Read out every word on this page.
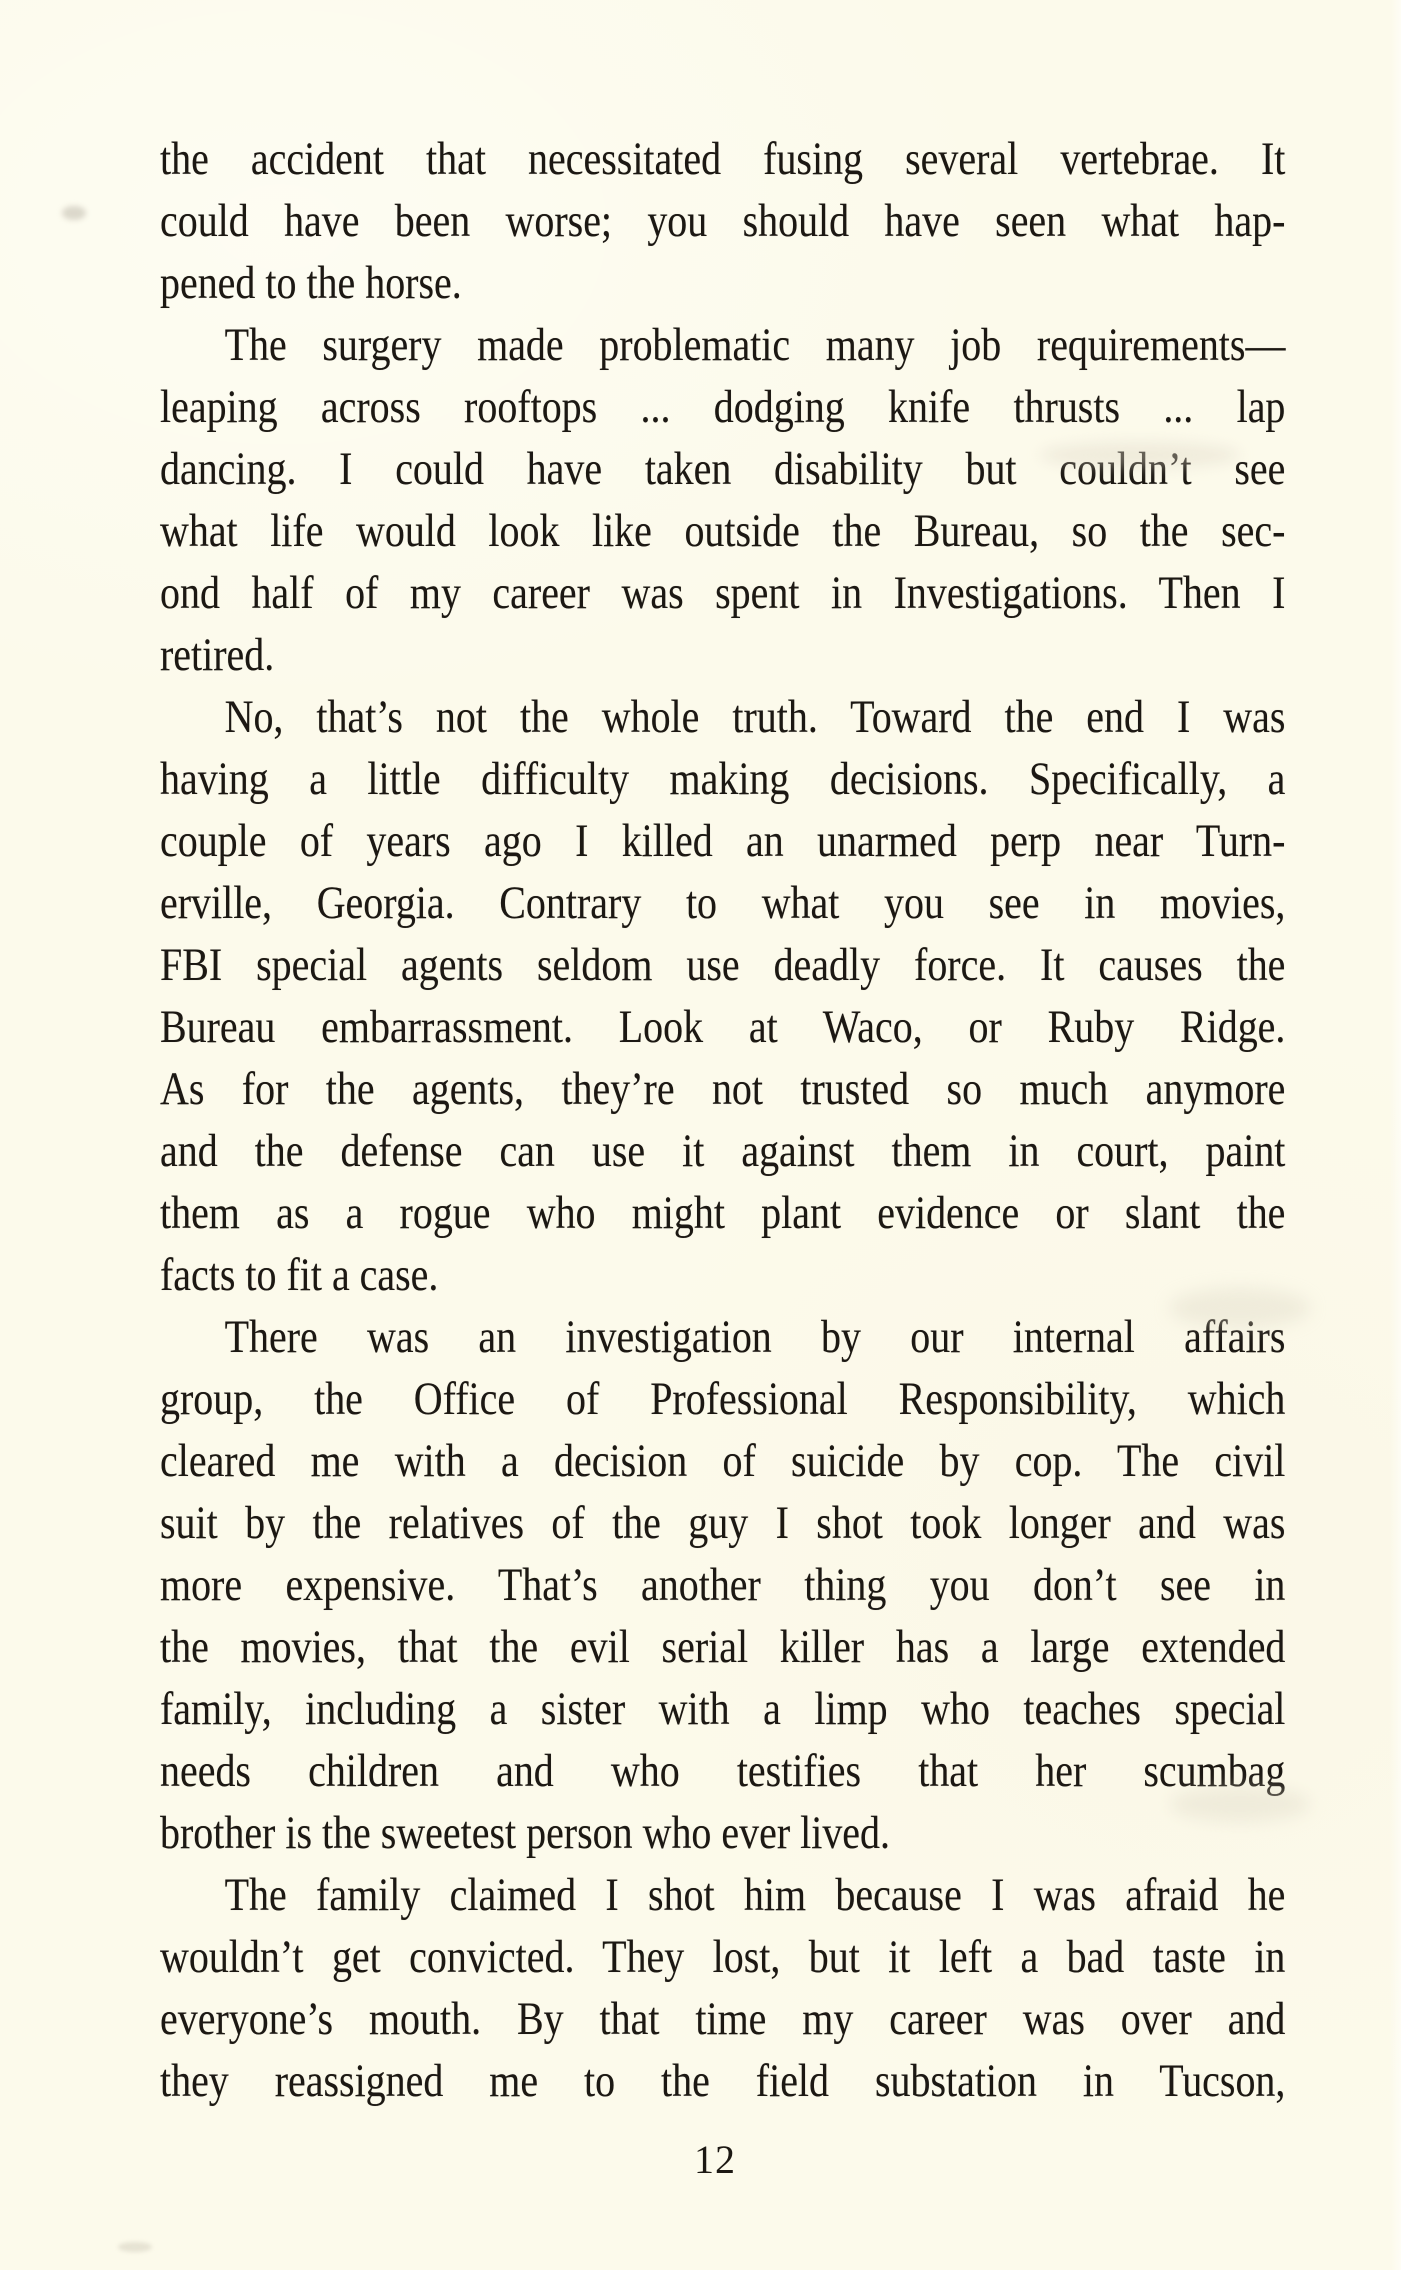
the accident that necessitated fusing several vertebrae. It
could have been worse; you should have seen what hap-
pened to the horse.
The surgery made problematic many job requirements—
leaping across rooftops ... dodging knife thrusts ... lap
dancing. I could have taken disability but couldn’t see
what life would look like outside the Bureau, so the sec-
ond half of my career was spent in Investigations. Then I
retired.
No, that’s not the whole truth. Toward the end I was
having a little difficulty making decisions. Specifically, a
couple of years ago I killed an unarmed perp near Turn-
erville, Georgia. Contrary to what you see in movies,
FBI special agents seldom use deadly force. It causes the
Bureau embarrassment. Look at Waco, or Ruby Ridge.
As for the agents, they’re not trusted so much anymore
and the defense can use it against them in court, paint
them as a rogue who might plant evidence or slant the
facts to fit a case.
There was an investigation by our internal affairs
group, the Office of Professional Responsibility, which
cleared me with a decision of suicide by cop. The civil
suit by the relatives of the guy I shot took longer and was
more expensive. That’s another thing you don’t see in
the movies, that the evil serial killer has a large extended
family, including a sister with a limp who teaches special
needs children and who testifies that her scumbag
brother is the sweetest person who ever lived.
The family claimed I shot him because I was afraid he
wouldn’t get convicted. They lost, but it left a bad taste in
everyone’s mouth. By that time my career was over and
they reassigned me to the field substation in Tucson,
12
